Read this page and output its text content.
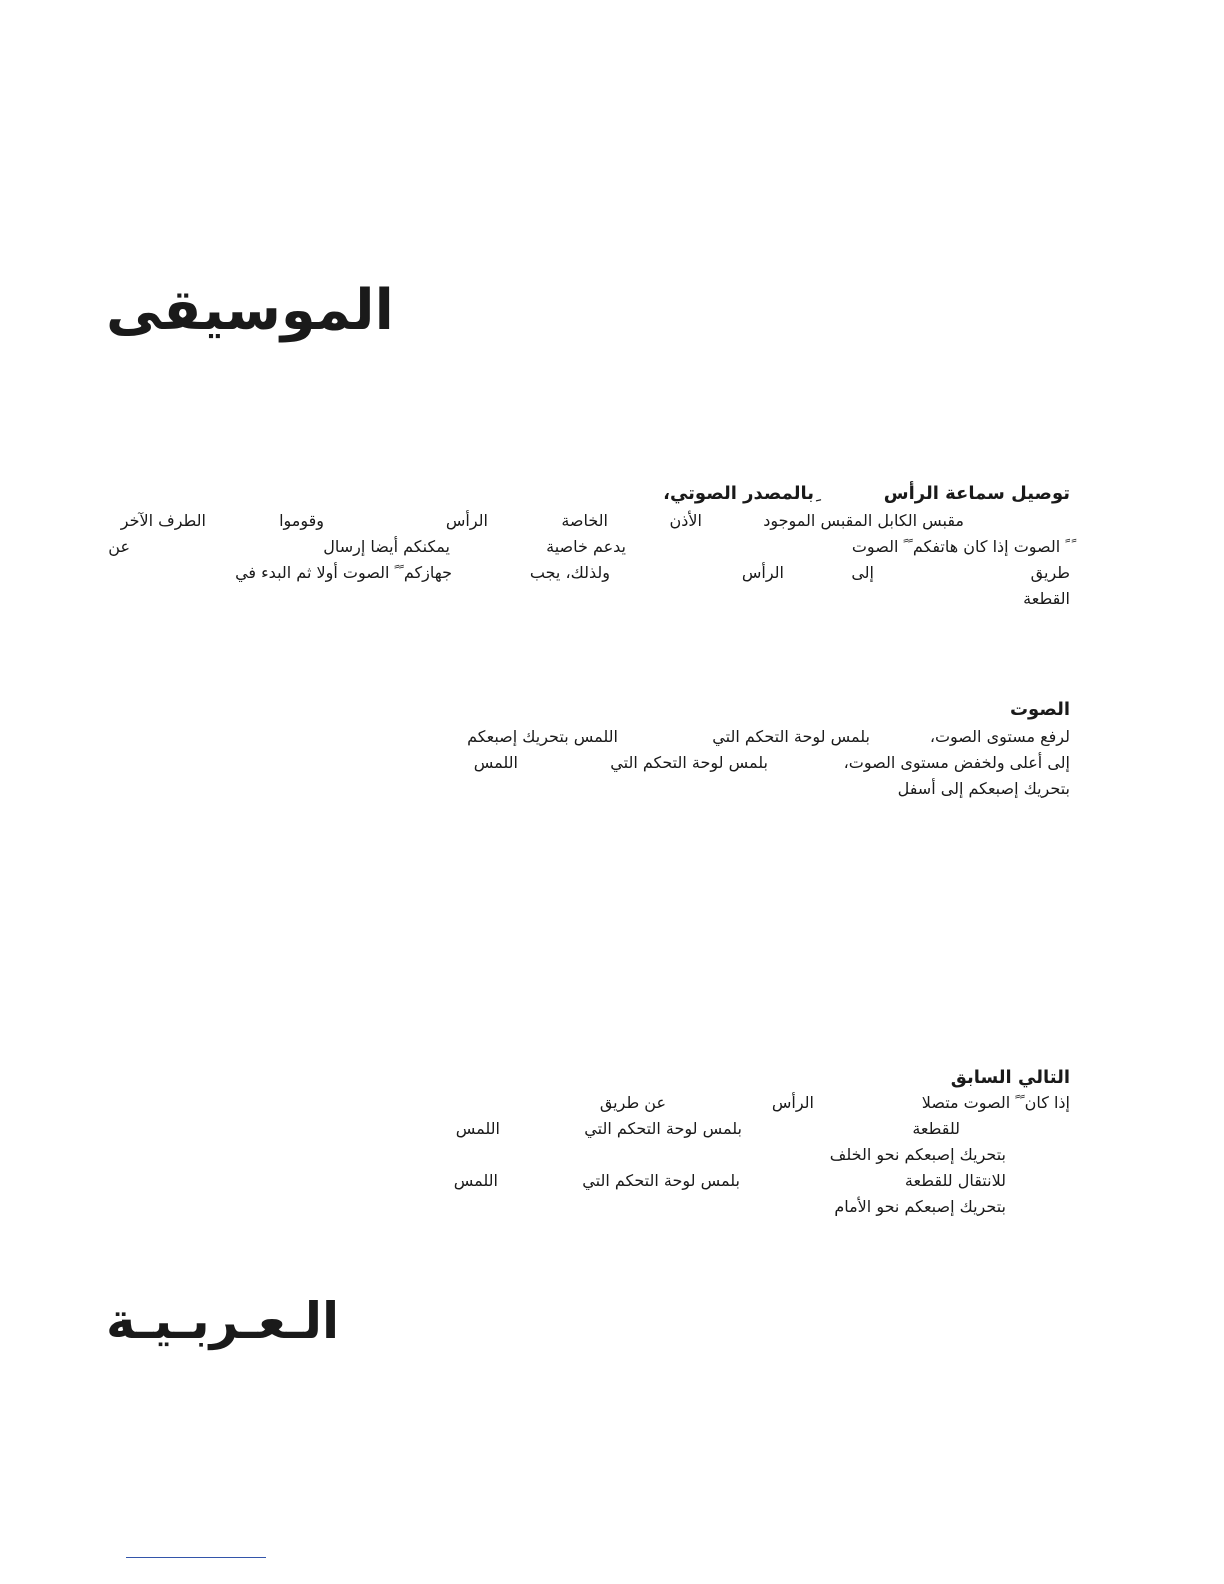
الموسيقى
توصيل سماعة الرأس
ِبالمصدر الصوتي،
مقبس الكابل المقبس الموجود
الأذن
الخاصة
الرأس
وقوموا
الطرف الآخر
ً ً الصوت إذا كان هاتفكم ً ً الصوت
يدعم خاصية
يمكنكم أيضا إرسال
عن
طريق
إلى
الرأس
ولذلك، يجب
جهازكم ً ً الصوت أولا ثم البدء في
القطعة
الصوت
لرفع مستوى الصوت،
بلمس لوحة التحكم التي
اللمس بتحريك إصبعكم
إلى أعلى ولخفض مستوى الصوت،
بلمس لوحة التحكم التي
اللمس
بتحريك إصبعكم إلى أسفل
التالي السابق
إذا كان ً ً الصوت متصلا
الرأس
عن طريق
للقطعة
بلمس لوحة التحكم التي
اللمس
بتحريك إصبعكم نحو الخلف
للانتقال للقطعة
بلمس لوحة التحكم التي
اللمس
بتحريك إصبعكم نحو الأمام
الـعـربـيـة
